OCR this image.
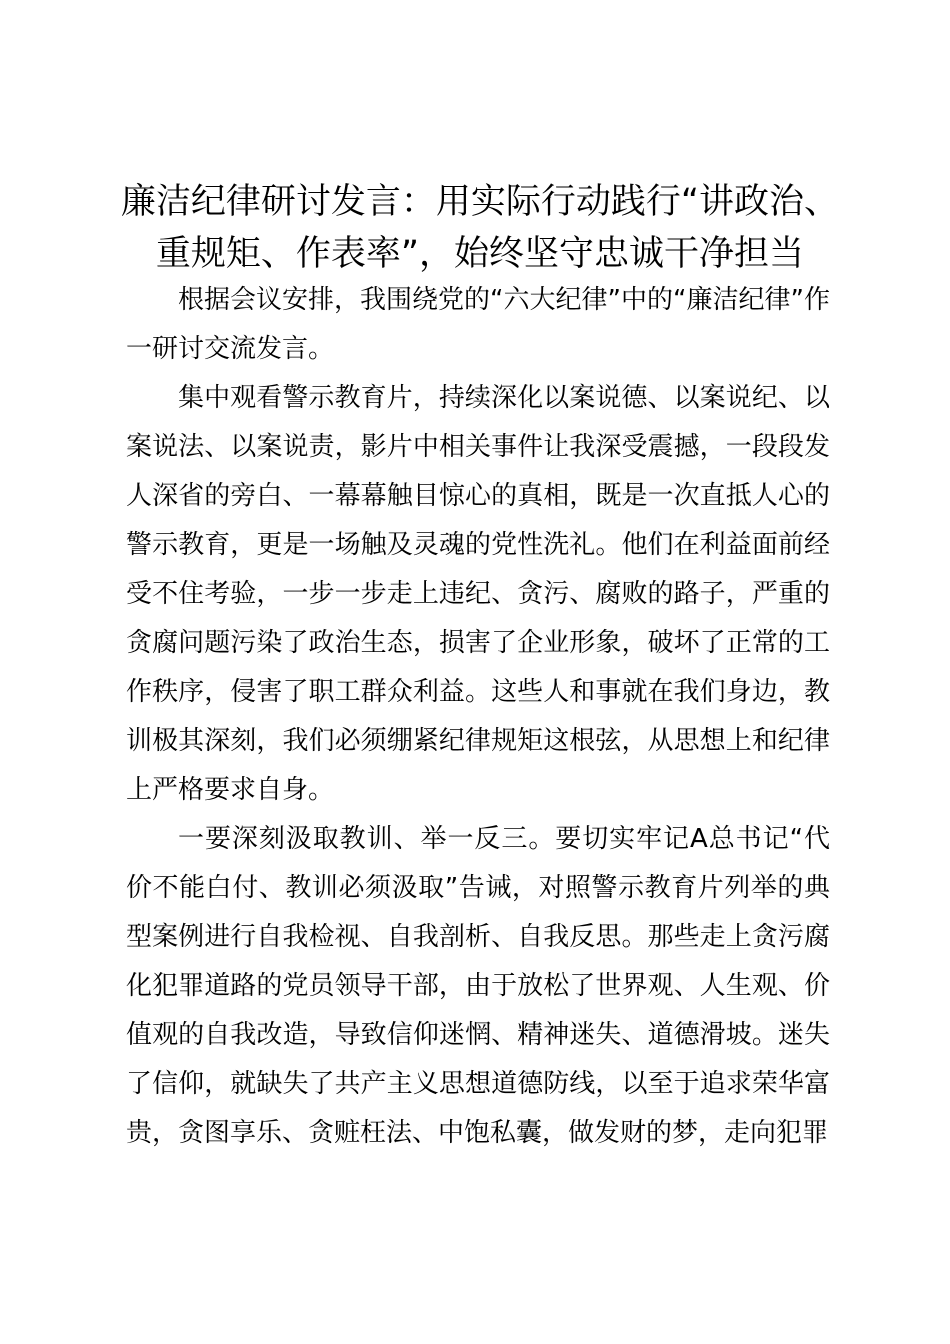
廉洁纪律研讨发言：用实际行动践行“讲政治、
重规矩、作表率”，始终坚守忠诚干净担当

根据会议安排，我围绕党的“六大纪律”中的“廉洁纪律”作一研讨交流发言。

集中观看警示教育片，持续深化以案说德、以案说纪、以案说法、以案说责，影片中相关事件让我深受震撼，一段段发人深省的旁白、一幕幕触目惊心的真相，既是一次直抵人心的警示教育，更是一场触及灵魂的党性洗礼。他们在利益面前经受不住考验，一步一步走上违纪、贪污、腐败的路子，严重的贪腐问题污染了政治生态，损害了企业形象，破坏了正常的工作秩序，侵害了职工群众利益。这些人和事就在我们身边，教训极其深刻，我们必须绷紧纪律规矩这根弦，从思想上和纪律上严格要求自身。

一要深刻汲取教训、举一反三。要切实牢记A总书记“代价不能白付、教训必须汲取”告诫，对照警示教育片列举的典型案例进行自我检视、自我剖析、自我反思。那些走上贪污腐化犯罪道路的党员领导干部，由于放松了世界观、人生观、价值观的自我改造，导致信仰迷惘、精神迷失、道德滑坡。迷失了信仰，就缺失了共产主义思想道德防线，以至于追求荣华富贵，贪图享乐、贪赃枉法、中饱私囊，做发财的梦，走向犯罪
